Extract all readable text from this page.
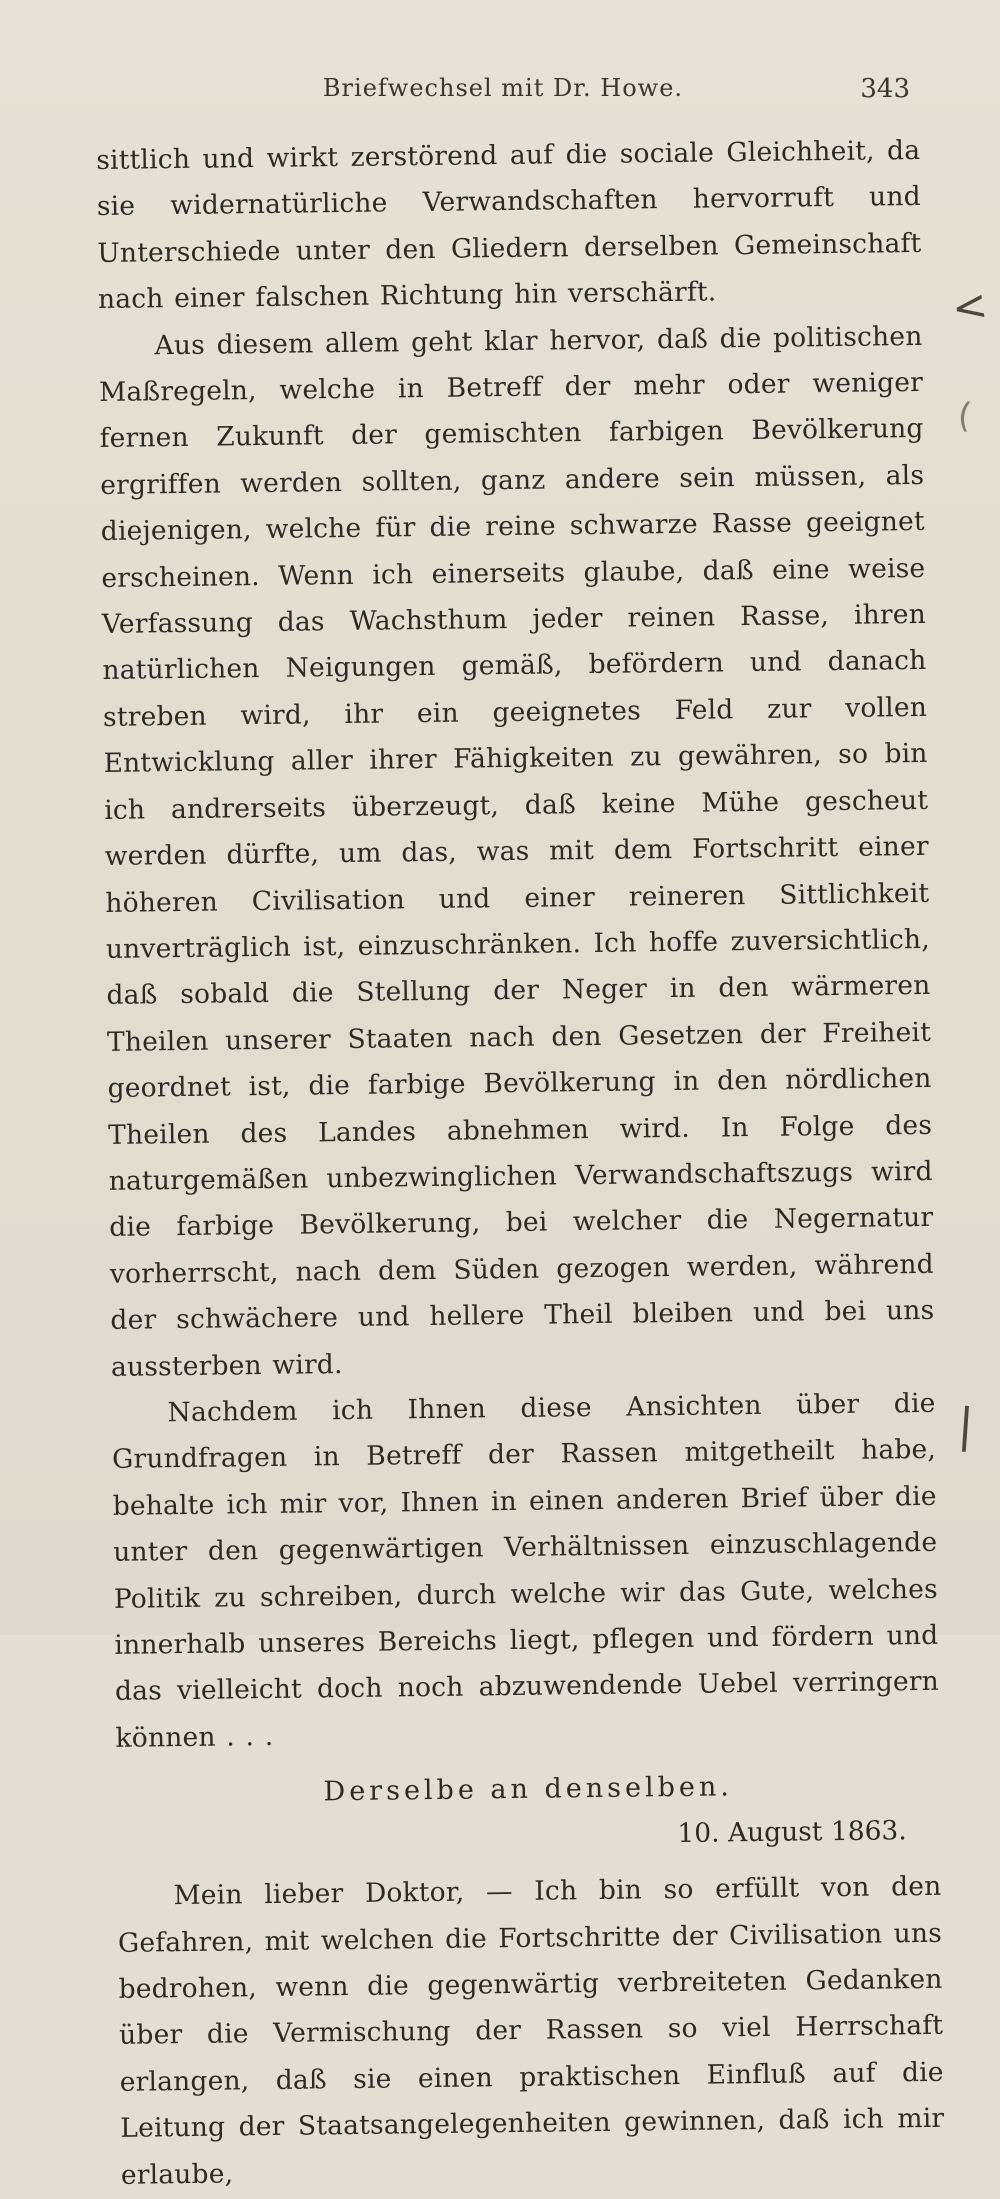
Briefwechsel mit Dr. Howe.	343

sittlich und wirkt zerstörend auf die sociale Gleichheit, da sie widernatürliche Verwandschaften hervorruft und Unterschiede unter den Gliedern derselben Gemeinschaft nach einer falschen Richtung hin verschärft.

Aus diesem allem geht klar hervor, daß die politischen Maßregeln, welche in Betreff der mehr oder weniger fernen Zukunft der gemischten farbigen Bevölkerung ergriffen werden sollten, ganz andere sein müssen, als diejenigen, welche für die reine schwarze Rasse geeignet erscheinen. Wenn ich einerseits glaube, daß eine weise Verfassung das Wachsthum jeder reinen Rasse, ihren natürlichen Neigungen gemäß, befördern und danach streben wird, ihr ein geeignetes Feld zur vollen Entwicklung aller ihrer Fähigkeiten zu gewähren, so bin ich andrerseits überzeugt, daß keine Mühe gescheut werden dürfte, um das, was mit dem Fortschritt einer höheren Civilisation und einer reineren Sittlichkeit unverträglich ist, einzuschränken. Ich hoffe zuversichtlich, daß sobald die Stellung der Neger in den wärmeren Theilen unserer Staaten nach den Gesetzen der Freiheit geordnet ist, die farbige Bevölkerung in den nördlichen Theilen des Landes abnehmen wird. In Folge des naturgemäßen unbezwinglichen Verwandschaftszugs wird die farbige Bevölkerung, bei welcher die Negernatur vorherrscht, nach dem Süden gezogen werden, während der schwächere und hellere Theil bleiben und bei uns aussterben wird.

Nachdem ich Ihnen diese Ansichten über die Grundfragen in Betreff der Rassen mitgetheilt habe, behalte ich mir vor, Ihnen in einen anderen Brief über die unter den gegenwärtigen Verhältnissen einzuschlagende Politik zu schreiben, durch welche wir das Gute, welches innerhalb unseres Bereichs liegt, pflegen und fördern und das vielleicht doch noch abzuwendende Uebel verringern können . . .

Derselbe an denselben.

10. August 1863.

Mein lieber Doktor, — Ich bin so erfüllt von den Gefahren, mit welchen die Fortschritte der Civilisation uns bedrohen, wenn die gegenwärtig verbreiteten Gedanken über die Vermischung der Rassen so viel Herrschaft erlangen, daß sie einen praktischen Einfluß auf die Leitung der Staatsangelegenheiten gewinnen, daß ich mir erlaube,

<
(
|
